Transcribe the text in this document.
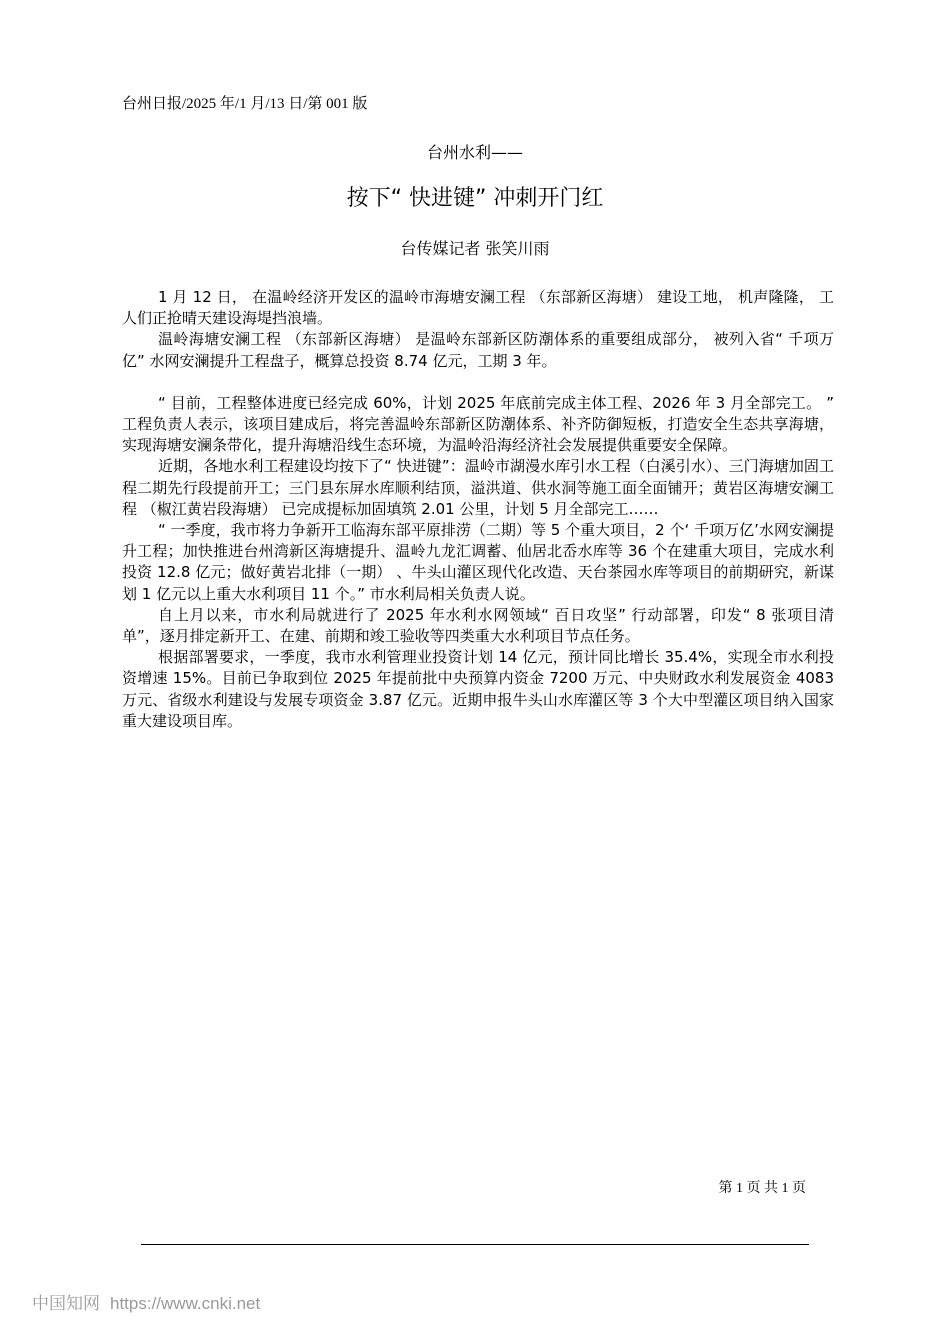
台州日报/2025 年/1 月/13 日/第 001 版
台州水利——
按下“ 快进键” 冲刺开门红
台传媒记者 张笑川雨

1 月 12 日， 在温岭经济开发区的温岭市海塘安澜工程 （东部新区海塘） 建设工地， 机声隆隆， 工人们正抢晴天建设海堤挡浪墙。

温岭海塘安澜工程 （东部新区海塘） 是温岭东部新区防潮体系的重要组成部分， 被列入省“ 千项万亿” 水网安澜提升工程盘子，概算总投资 8.74 亿元，工期 3 年。

“ 目前，工程整体进度已经完成 60%，计划 2025 年底前完成主体工程、2026 年 3 月全部完工。 ” 工程负责人表示，该项目建成后，将完善温岭东部新区防潮体系、补齐防御短板，打造安全生态共享海塘，实现海塘安澜条带化，提升海塘沿线生态环境，为温岭沿海经济社会发展提供重要安全保障。

近期，各地水利工程建设均按下了“ 快进键”：温岭市湖漫水库引水工程（白溪引水）、三门海塘加固工程二期先行段提前开工；三门县东屏水库顺利结顶，溢洪道、供水洞等施工面全面铺开；黄岩区海塘安澜工程 （椒江黄岩段海塘） 已完成提标加固填筑 2.01 公里，计划 5 月全部完工……

“ 一季度，我市将力争新开工临海东部平原排涝（二期）等 5 个重大项目，2 个‘ 千项万亿’水网安澜提升工程；加快推进台州湾新区海塘提升、温岭九龙汇调蓄、仙居北岙水库等 36 个在建重大项目，完成水利投资 12.8 亿元；做好黄岩北排（一期） 、牛头山灌区现代化改造、天台茶园水库等项目的前期研究，新谋划 1 亿元以上重大水利项目 11 个。” 市水利局相关负责人说。

自上月以来，市水利局就进行了 2025 年水利水网领域“ 百日攻坚” 行动部署，印发“ 8 张项目清单”，逐月排定新开工、在建、前期和竣工验收等四类重大水利项目节点任务。

根据部署要求，一季度，我市水利管理业投资计划 14 亿元，预计同比增长 35.4%，实现全市水利投资增速 15%。目前已争取到位 2025 年提前批中央预算内资金 7200 万元、中央财政水利发展资金 4083 万元、省级水利建设与发展专项资金 3.87 亿元。近期申报牛头山水库灌区等 3 个大中型灌区项目纳入国家重大建设项目库。

第 1 页 共 1 页
中国知网 https://www.cnki.net
